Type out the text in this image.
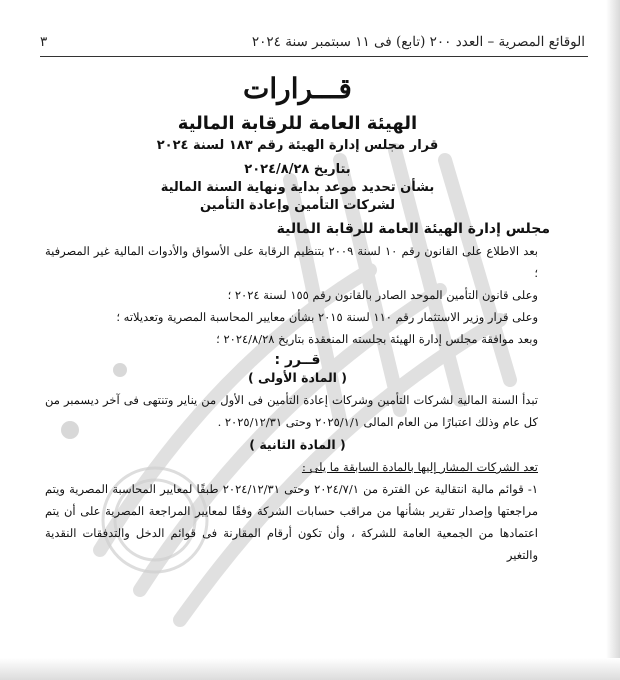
الوقائع المصرية – العدد ٢٠٠ (تابع) فى ١١ سبتمبر سنة ٢٠٢٤
٣
قـــرارات
الهيئة العامة للرقابة المالية
قرار مجلس إدارة الهيئة رقم ١٨٣ لسنة ٢٠٢٤
بتاريخ ٢٠٢٤/٨/٢٨
بشأن تحديد موعد بداية ونهاية السنة المالية
لشركات التأمين وإعادة التأمين
مجلس إدارة الهيئة العامة للرقابة المالية

بعد الاطلاع على القانون رقم ١٠ لسنة ٢٠٠٩ بتنظيم الرقابة على الأسواق والأدوات المالية غير المصرفية ؛

وعلى قانون التأمين الموحد الصادر بالقانون رقم ١٥٥ لسنة ٢٠٢٤ ؛

وعلى قرار وزير الاستثمار رقم ١١٠ لسنة ٢٠١٥ بشأن معايير المحاسبة المصرية وتعديلاته ؛

وبعد موافقة مجلس إدارة الهيئة بجلسته المنعقدة بتاريخ ٢٠٢٤/٨/٢٨ ؛

قــرر :
( المادة الأولى )

تبدأ السنة المالية لشركات التأمين وشركات إعادة التأمين فى الأول من يناير وتنتهى فى آخر ديسمبر من كل عام وذلك اعتبارًا من العام المالى ٢٠٢٥/١/١ وحتى ٢٠٢٥/١٢/٣١ .

( المادة الثانية )

تعد الشركات المشار إليها بالمادة السابقة ما يلى :

١- قوائم مالية انتقالية عن الفترة من ٢٠٢٤/٧/١ وحتى ٢٠٢٤/١٢/٣١ طبقًا لمعايير المحاسبة المصرية ويتم مراجعتها وإصدار تقرير بشأنها من مراقب حسابات الشركة وفقًا لمعايير المراجعة المصرية على أن يتم اعتمادها من الجمعية العامة للشركة ، وأن تكون أرقام المقارنة فى قوائم الدخل والتدفقات النقدية والتغير
